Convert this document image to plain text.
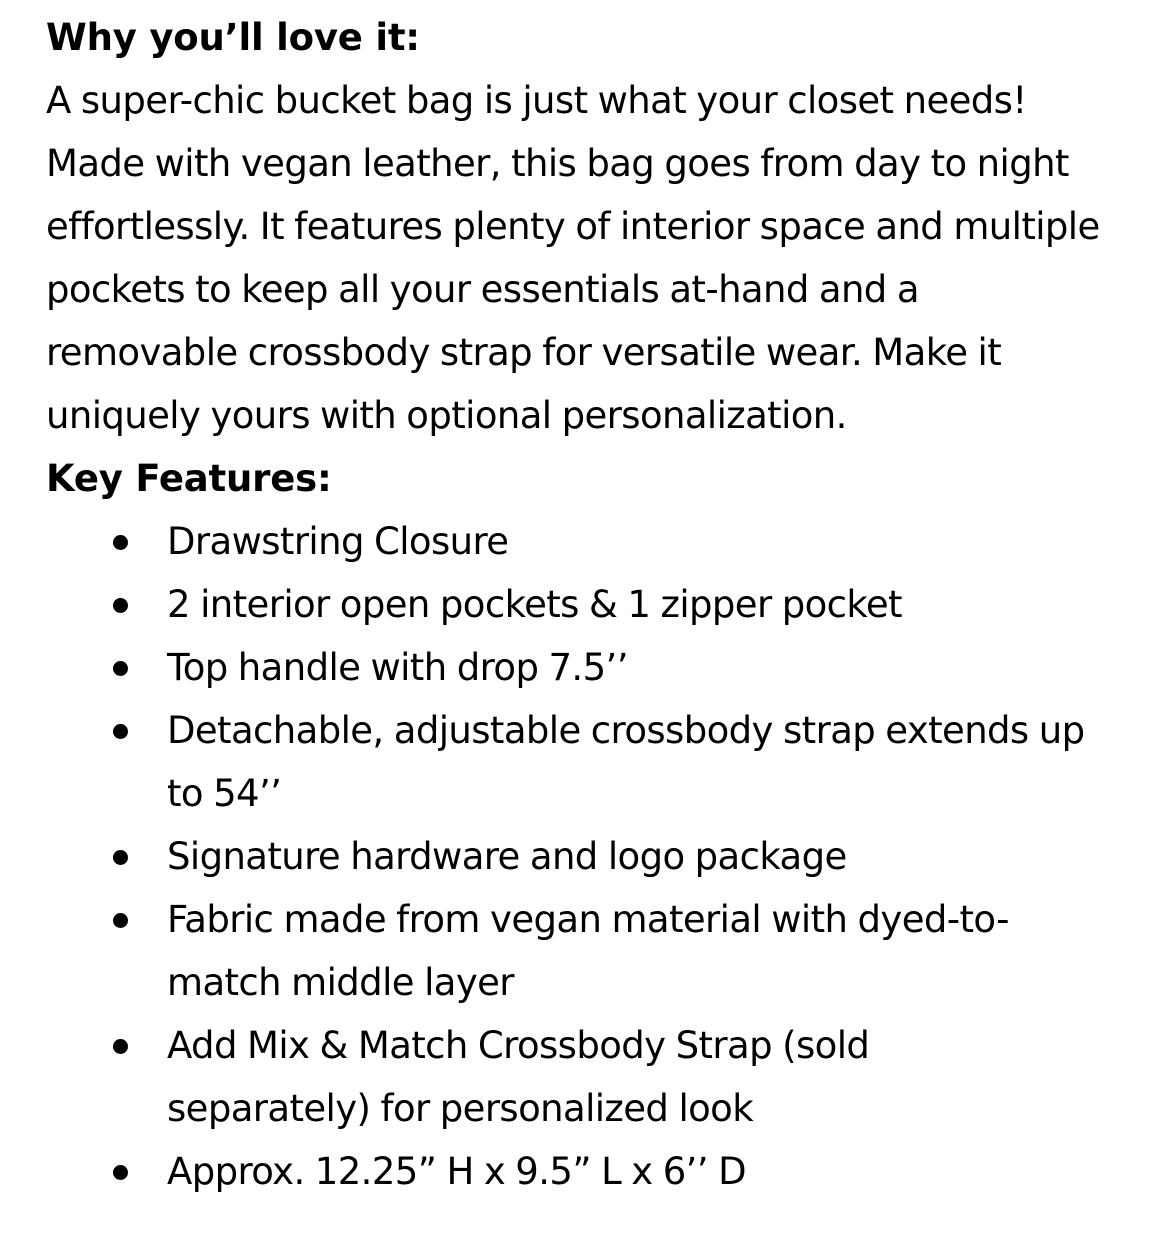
Why you’ll love it:
A super-chic bucket bag is just what your closet needs!
Made with vegan leather, this bag goes from day to night
effortlessly. It features plenty of interior space and multiple
pockets to keep all your essentials at-hand and a
removable crossbody strap for versatile wear. Make it
uniquely yours with optional personalization.
Key Features:
Drawstring Closure
2 interior open pockets & 1 zipper pocket
Top handle with drop 7.5’’
Detachable, adjustable crossbody strap extends up
to 54’’
Signature hardware and logo package
Fabric made from vegan material with dyed-to-
match middle layer
Add Mix & Match Crossbody Strap (sold
separately) for personalized look
Approx. 12.25” H x 9.5” L x 6’’ D
